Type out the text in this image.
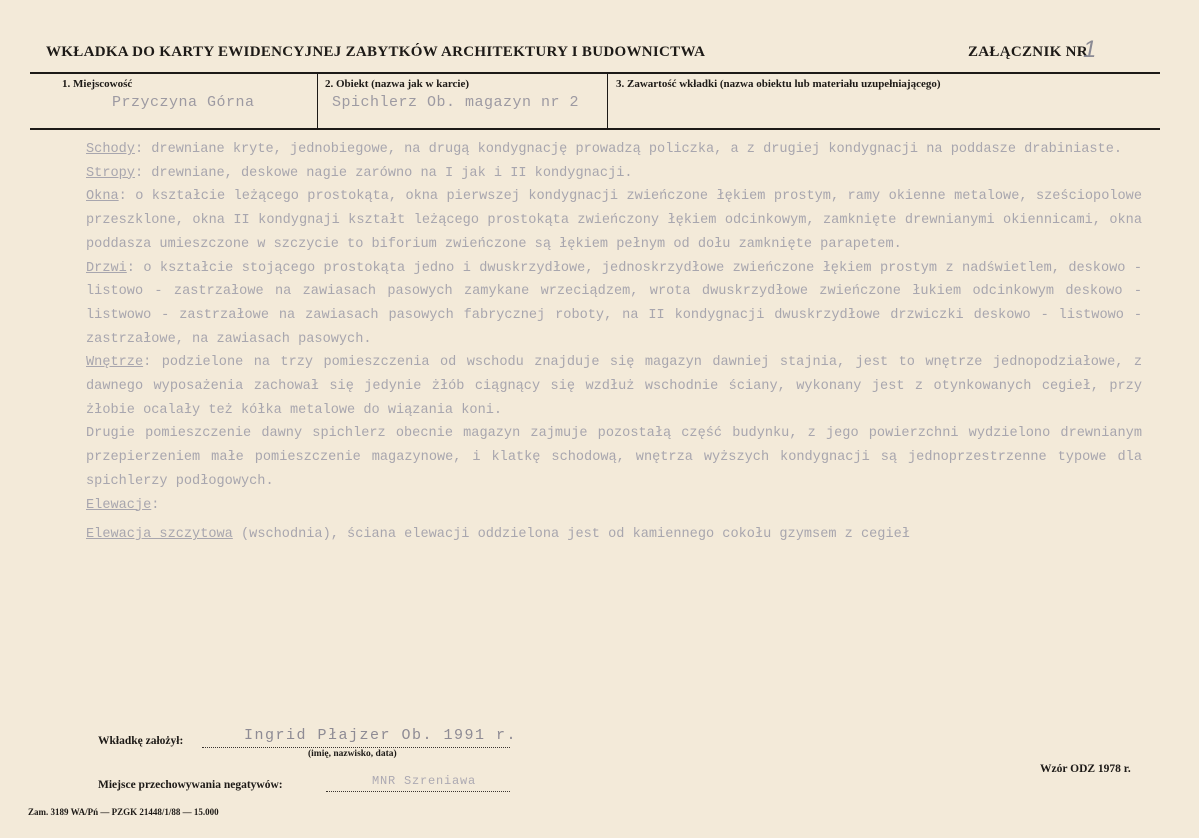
WKŁADKA DO KARTY EWIDENCYJNEJ ZABYTKÓW ARCHITEKTURY I BUDOWNICTWA	ZAŁĄCZNIK NR
1
1. Miejscowość
Przyczyna Górna
2. Obiekt (nazwa jak w karcie)
Spichlerz Ob. magazyn nr 2
3. Zawartość wkładki (nazwa obiektu lub materiału uzupełniającego)

Schody: drewniane kryte, jednobiegowe, na drugą kondygnację prowadzą policzka, a z drugiej kondygnacji na poddasze drabiniaste.

Stropy: drewniane, deskowe nagie zarówno na I jak i II kondygnacji.

Okna: o kształcie leżącego prostokąta, okna pierwszej kondygnacji zwieńczone łękiem prostym, ramy okienne metalowe, sześciopolowe przeszklone, okna II kondygnaji kształt leżącego prostokąta zwieńczony łękiem odcinkowym, zamknięte drewnianymi okiennicami, okna poddasza umieszczone w szczycie to biforium zwieńczone są łękiem pełnym od dołu zamknięte parapetem.

Drzwi: o kształcie stojącego prostokąta jedno i dwuskrzydłowe, jednoskrzydłowe zwieńczone łękiem prostym z nadświetlem, deskowo - listowo - zastrzałowe na zawiasach pasowych zamykane wrzeciądzem, wrota dwuskrzydłowe zwieńczone łukiem odcinkowym deskowo - listwowo - zastrzałowe na zawiasach pasowych fabrycznej roboty, na II kondygnacji dwuskrzydłowe drzwiczki deskowo - listwowo - zastrzałowe, na zawiasach pasowych.

Wnętrze: podzielone na trzy pomieszczenia od wschodu znajduje się magazyn dawniej stajnia, jest to wnętrze jednopodziałowe, z dawnego wyposażenia zachował się jedynie żłób ciągnący się wzdłuż wschodnie ściany, wykonany jest z otynkowanych cegieł, przy żłobie ocalały też kółka metalowe do wiązania koni.

Drugie pomieszczenie dawny spichlerz obecnie magazyn zajmuje pozostałą część budynku, z jego powierzchni wydzielono drewnianym przepierzeniem małe pomieszczenie magazynowe, i klatkę schodową, wnętrza wyższych kondygnacji są jednoprzestrzenne typowe dla spichlerzy podłogowych.

Elewacje:

Elewacja szczytowa (wschodnia), ściana elewacji oddzielona jest od kamiennego cokołu gzymsem z cegieł

Wkładkę założył:	Ingrid Płajzer Ob. 1991 r.
(imię, nazwisko, data)
Miejsce przechowywania negatywów:	MNR Szreniawa
Wzór ODZ 1978 r.
Zam. 3189 WA/Pń — PZGK 21448/1/88 — 15.000
